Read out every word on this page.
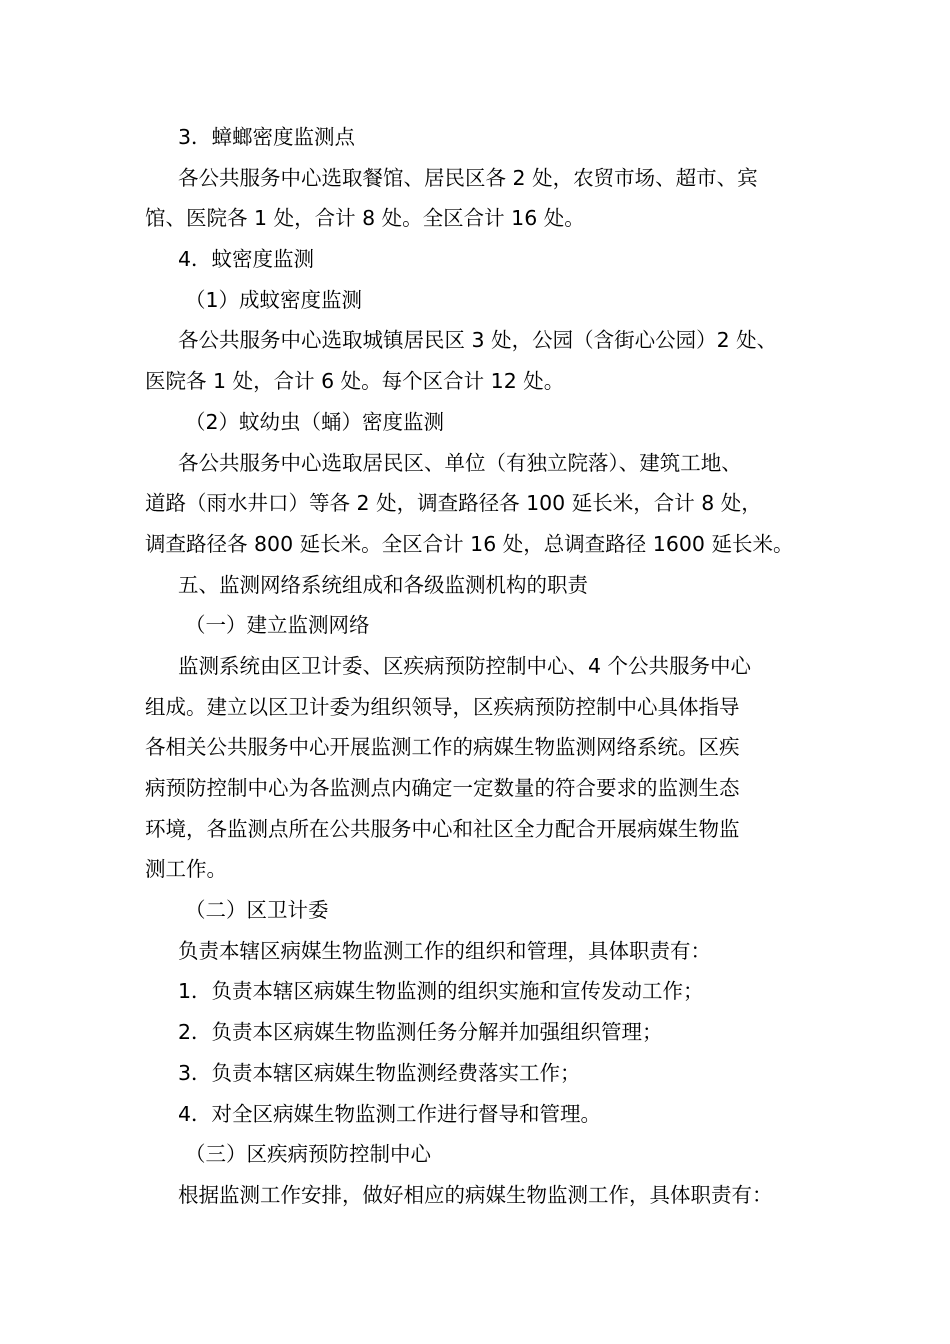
3．蟑螂密度监测点

各公共服务中心选取餐馆、居民区各 2 处，农贸市场、超市、宾

馆、医院各 1 处，合计 8 处。全区合计 16 处。

4．蚊密度监测

（1）成蚊密度监测

各公共服务中心选取城镇居民区 3 处，公园（含街心公园）2 处、

医院各 1 处，合计 6 处。每个区合计 12 处。

（2）蚊幼虫（蛹）密度监测

各公共服务中心选取居民区、单位（有独立院落）、建筑工地、

道路（雨水井口）等各 2 处，调查路径各 100 延长米，合计 8 处，

调查路径各 800 延长米。全区合计 16 处，总调查路径 1600 延长米。

五、监测网络系统组成和各级监测机构的职责

（一）建立监测网络

监测系统由区卫计委、区疾病预防控制中心、4 个公共服务中心

组成。建立以区卫计委为组织领导，区疾病预防控制中心具体指导

各相关公共服务中心开展监测工作的病媒生物监测网络系统。区疾

病预防控制中心为各监测点内确定一定数量的符合要求的监测生态

环境，各监测点所在公共服务中心和社区全力配合开展病媒生物监

测工作。

（二）区卫计委

负责本辖区病媒生物监测工作的组织和管理，具体职责有：

1．负责本辖区病媒生物监测的组织实施和宣传发动工作；

2．负责本区病媒生物监测任务分解并加强组织管理；

3．负责本辖区病媒生物监测经费落实工作；

4．对全区病媒生物监测工作进行督导和管理。

（三）区疾病预防控制中心

根据监测工作安排，做好相应的病媒生物监测工作，具体职责有：
